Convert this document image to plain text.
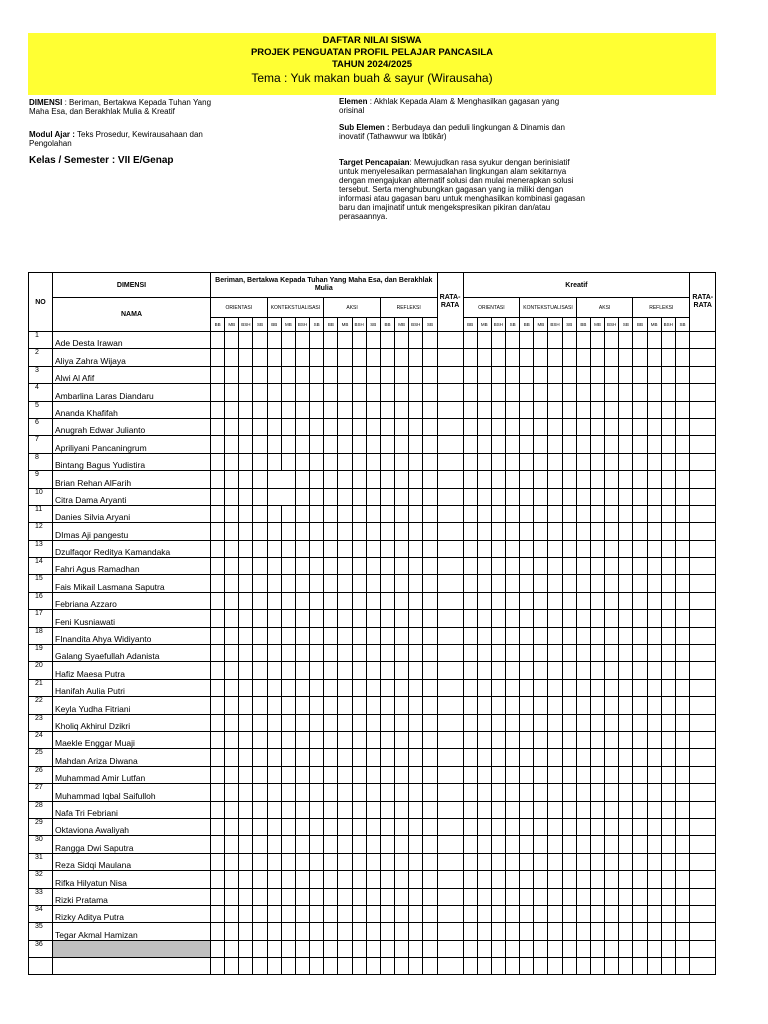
DAFTAR NILAI SISWA
PROJEK PENGUATAN PROFIL PELAJAR PANCASILA
TAHUN 2024/2025
Tema : Yuk makan buah & sayur (Wirausaha)
DIMENSI : Beriman, Bertakwa Kepada Tuhan Yang Maha Esa, dan Berakhlak Mulia & Kreatif
Modul Ajar : Teks Prosedur, Kewirausahaan dan Pengolahan
Kelas / Semester : VII E/Genap
Elemen : Akhlak Kepada Alam & Menghasilkan gagasan yang orisinal
Sub Elemen : Berbudaya dan peduli lingkungan & Dinamis dan inovatif (Tathawwur wa Ibtikâr)
Target Pencapaian: Mewujudkan rasa syukur dengan berinisiatif untuk menyelesaikan permasalahan lingkungan alam sekitarnya dengan mengajukan alternatif solusi dan mulai menerapkan solusi tersebut. Serta menghubungkan gagasan yang ia miliki dengan informasi atau gagasan baru untuk menghasilkan kombinasi gagasan baru dan imajinatif untuk mengekspresikan pikiran dan/atau perasaannya.
NO	DIMENSI	Beriman, Bertakwa Kepada Tuhan Yang Maha Esa, dan Berakhlak Mulia																RATA-RATA	Kreatif																RATA-RATA
	NAMA	ORIENTASI				KONTEKSTUALISASI				AKSI				REFLEKSI					ORIENTASI				KONTEKSTUALISASI				AKSI				REFLEKSI				
		BB	MB	BSH	SB	BB	MB	BSH	SB	BB	MB	BSH	SB	BB	MB	BSH	SB		BB	MB	BSH	SB	BB	MB	BSH	SB	BB	MB	BSH	SB	BB	MB	BSH	SB	
1	Ade Desta Irawan																																		
2	Aliya Zahra Wijaya																																		
3	Alwi Al Afif																																		
4	Ambarlina Laras Diandaru																																		
5	Ananda Khafifah																																		
6	Anugrah Edwar Julianto																																		
7	Apriliyani Pancaningrum																																		
8	Bintang Bagus Yudistira																																		
9	Brian Rehan AlFarih																																		
10	Citra Dama Aryanti																																		
11	Danies Silvia Aryani																																		
12	DImas Aji pangestu																																		
13	Dzulfaqor Reditya Kamandaka																																		
14	Fahri Agus Ramadhan																																		
15	Fais Mikail Lasmana Saputra																																		
16	Febriana Azzaro																																		
17	Feni Kusniawati																																		
18	FInandita Ahya Widiyanto																																		
19	Galang Syaefullah Adanista																																		
20	Hafiz Maesa Putra																																		
21	Hanifah Aulia Putri																																		
22	Keyla Yudha Fitriani																																		
23	Kholiq Akhirul Dzikri																																		
24	Maekle Enggar Muaji																																		
25	Mahdan Ariza Diwana																																		
26	Muhammad Amir Lutfan																																		
27	Muhammad Iqbal Saifulloh																																		
28	Nafa Tri Febriani																																		
29	Oktaviona Awaliyah																																		
30	Rangga Dwi Saputra																																		
31	Reza Sidqi Maulana																																		
32	Rifka Hilyatun Nisa																																		
33	Rizki Pratama																																		
34	Rizky Aditya Putra																																		
35	Tegar Akmal Hamizan																																		
36																																			
